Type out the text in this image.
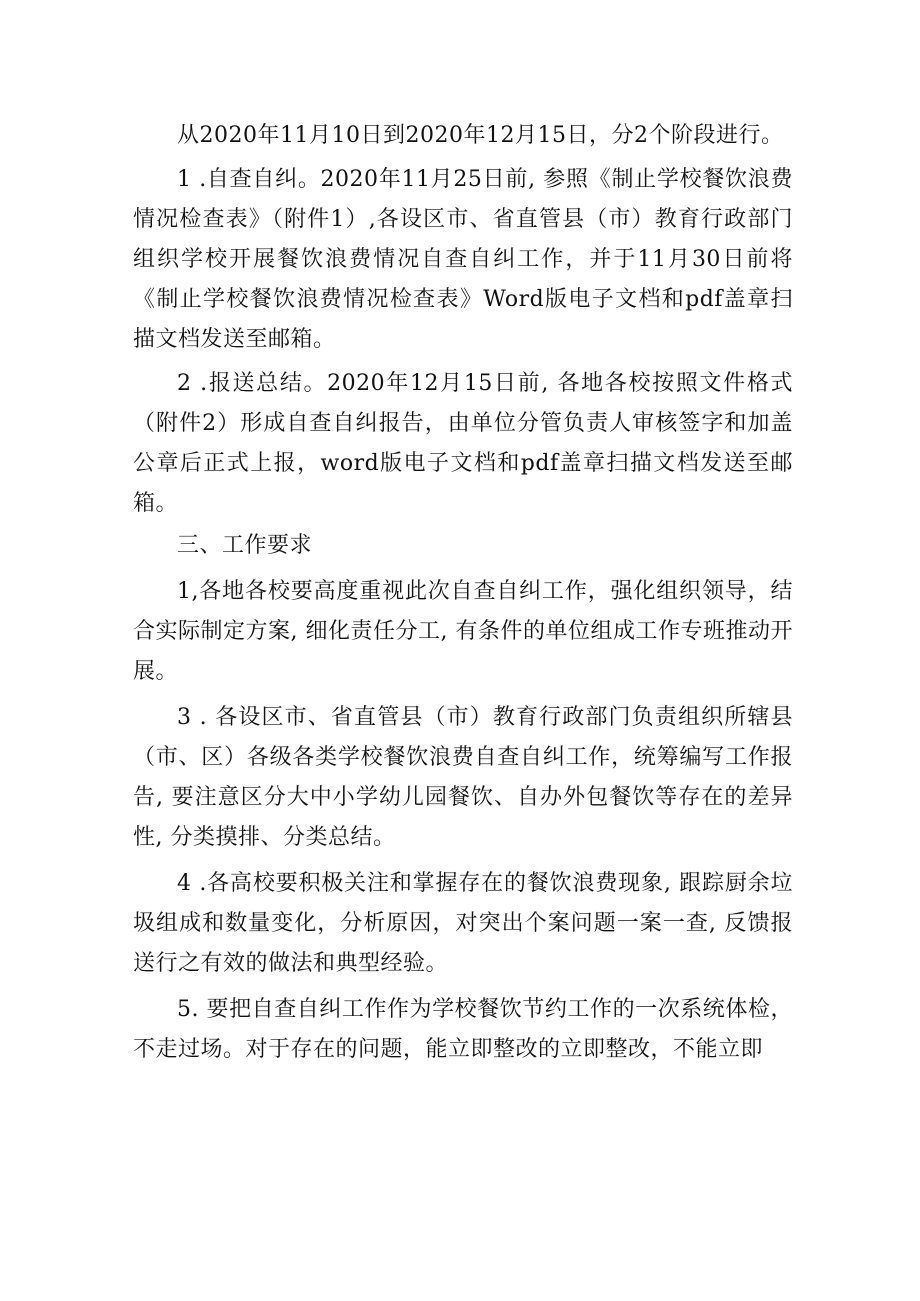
从2020年11月10日到2020年12月15日，分2个阶段进行。

1 .自查自纠。2020年11月25日前, 参照《制止学校餐饮浪费情况检查表》（附件1）,各设区市、省直管县（市）教育行政部门组织学校开展餐饮浪费情况自查自纠工作，并于11月30日前将《制止学校餐饮浪费情况检查表》Word版电子文档和pdf盖章扫描文档发送至邮箱。

2 .报送总结。2020年12月15日前, 各地各校按照文件格式（附件2）形成自查自纠报告，由单位分管负责人审核签字和加盖公章后正式上报，word版电子文档和pdf盖章扫描文档发送至邮箱。

三、工作要求

1,各地各校要高度重视此次自查自纠工作，强化组织领导，结合实际制定方案, 细化责任分工, 有条件的单位组成工作专班推动开展。

3 . 各设区市、省直管县（市）教育行政部门负责组织所辖县（市、区）各级各类学校餐饮浪费自查自纠工作，统筹编写工作报告, 要注意区分大中小学幼儿园餐饮、自办外包餐饮等存在的差异性, 分类摸排、分类总结。

4 .各高校要积极关注和掌握存在的餐饮浪费现象, 跟踪厨余垃圾组成和数量变化，分析原因，对突出个案问题一案一查, 反馈报送行之有效的做法和典型经验。

5. 要把自查自纠工作作为学校餐饮节约工作的一次系统体检，不走过场。对于存在的问题，能立即整改的立即整改，不能立即
